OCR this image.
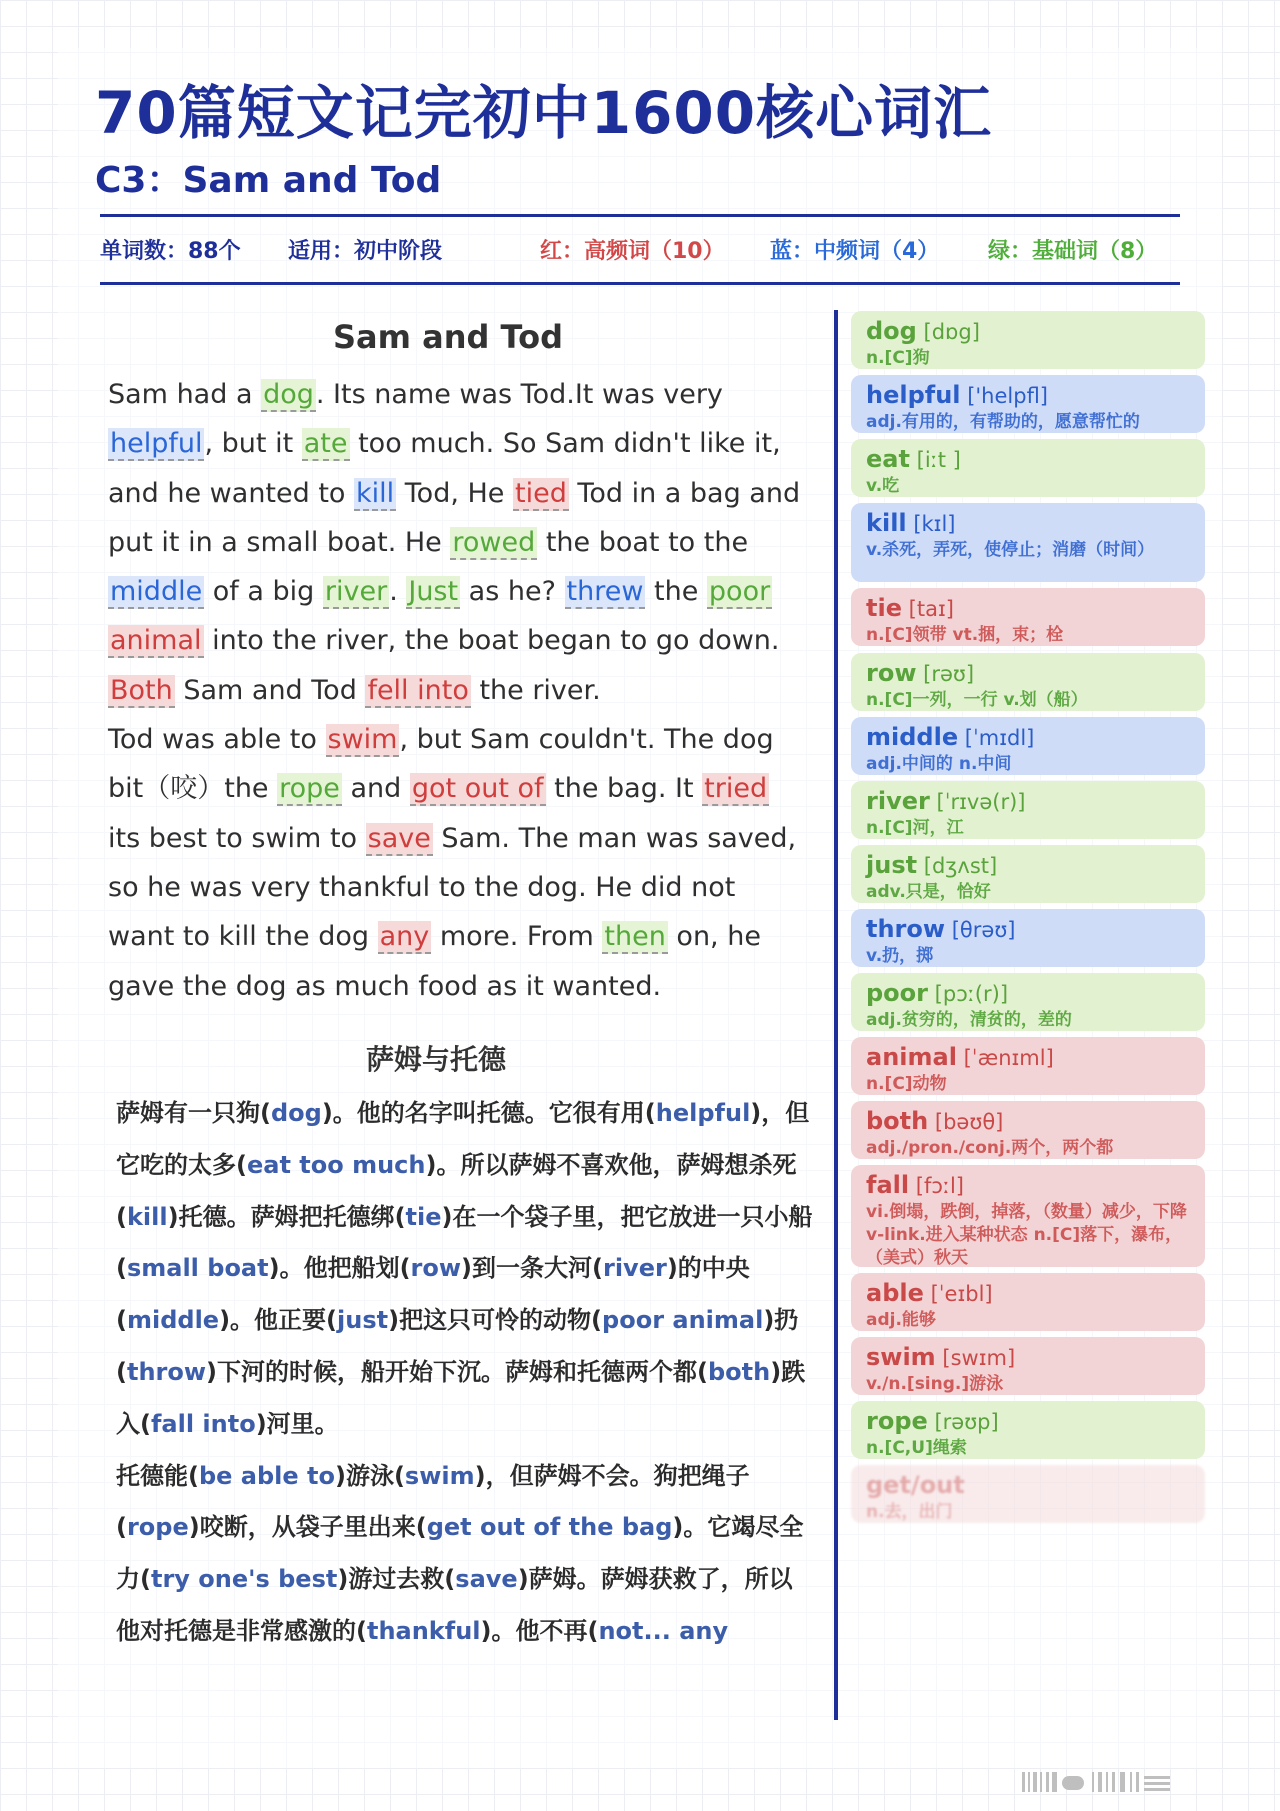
70篇短文记完初中1600核心词汇
C3：Sam and Tod
单词数：88个 适用：初中阶段	红：高频词（10） 蓝：中频词（4） 绿：基础词（8）
Sam and Tod

Sam had a dog. Its name was Tod.It was very helpful, but it ate too much. So Sam didn't like it, and he wanted to kill Tod, He tied Tod in a bag and put it in a small boat. He rowed the boat to the middle of a big river. Just as he? threw the poor animal into the river, the boat began to go down. Both Sam and Tod fell into the river.

Tod was able to swim, but Sam couldn't. The dog bit（咬）the rope and got out of the bag. It tried its best to swim to save Sam. The man was saved, so he was very thankful to the dog. He did not want to kill the dog any more. From then on, he gave the dog as much food as it wanted.

萨姆与托德

萨姆有一只狗(dog)。他的名字叫托德。它很有用(helpful)，但它吃的太多(eat too much)。所以萨姆不喜欢他，萨姆想杀死(kill)托德。萨姆把托德绑(tie)在一个袋子里，把它放进一只小船(small boat)。他把船划(row)到一条大河(river)的中央(middle)。他正要(just)把这只可怜的动物(poor animal)扔(throw)下河的时候，船开始下沉。萨姆和托德两个都(both)跌入(fall into)河里。

托德能(be able to)游泳(swim)，但萨姆不会。狗把绳子(rope)咬断，从袋子里出来(get out of the bag)。它竭尽全力(try one's best)游过去救(save)萨姆。萨姆获救了，所以他对托德是非常感激的(thankful)。他不再(not... any

dog [dɒg]
n.[C]狗
helpful ['helpfl]
adj.有用的，有帮助的，愿意帮忙的
eat [iːt ]
v.吃
kill [kɪl]
v.杀死，弄死，使停止；消磨（时间）
tie [taɪ]
n.[C]领带 vt.捆，束；栓
row [rəʊ]
n.[C]一列，一行 v.划（船）
middle [ˈmɪdl]
adj.中间的 n.中间
river [ˈrɪvə(r)]
n.[C]河，江
just [dʒʌst]
adv.只是，恰好
throw [θrəʊ]
v.扔，掷
poor [pɔː(r)]
adj.贫穷的，清贫的，差的
animal [ˈænɪml]
n.[C]动物
both [bəʊθ]
adj./pron./conj.两个，两个都
fall [fɔːl]
vi.倒塌，跌倒，掉落，（数量）减少，下降 v-link.进入某种状态 n.[C]落下，瀑布，（美式）秋天
able [ˈeɪbl]
adj.能够
swim [swɪm]
v./n.[sing.]游泳
rope [rəʊp]
n.[C,U]绳索
get/out
n.去，出门
